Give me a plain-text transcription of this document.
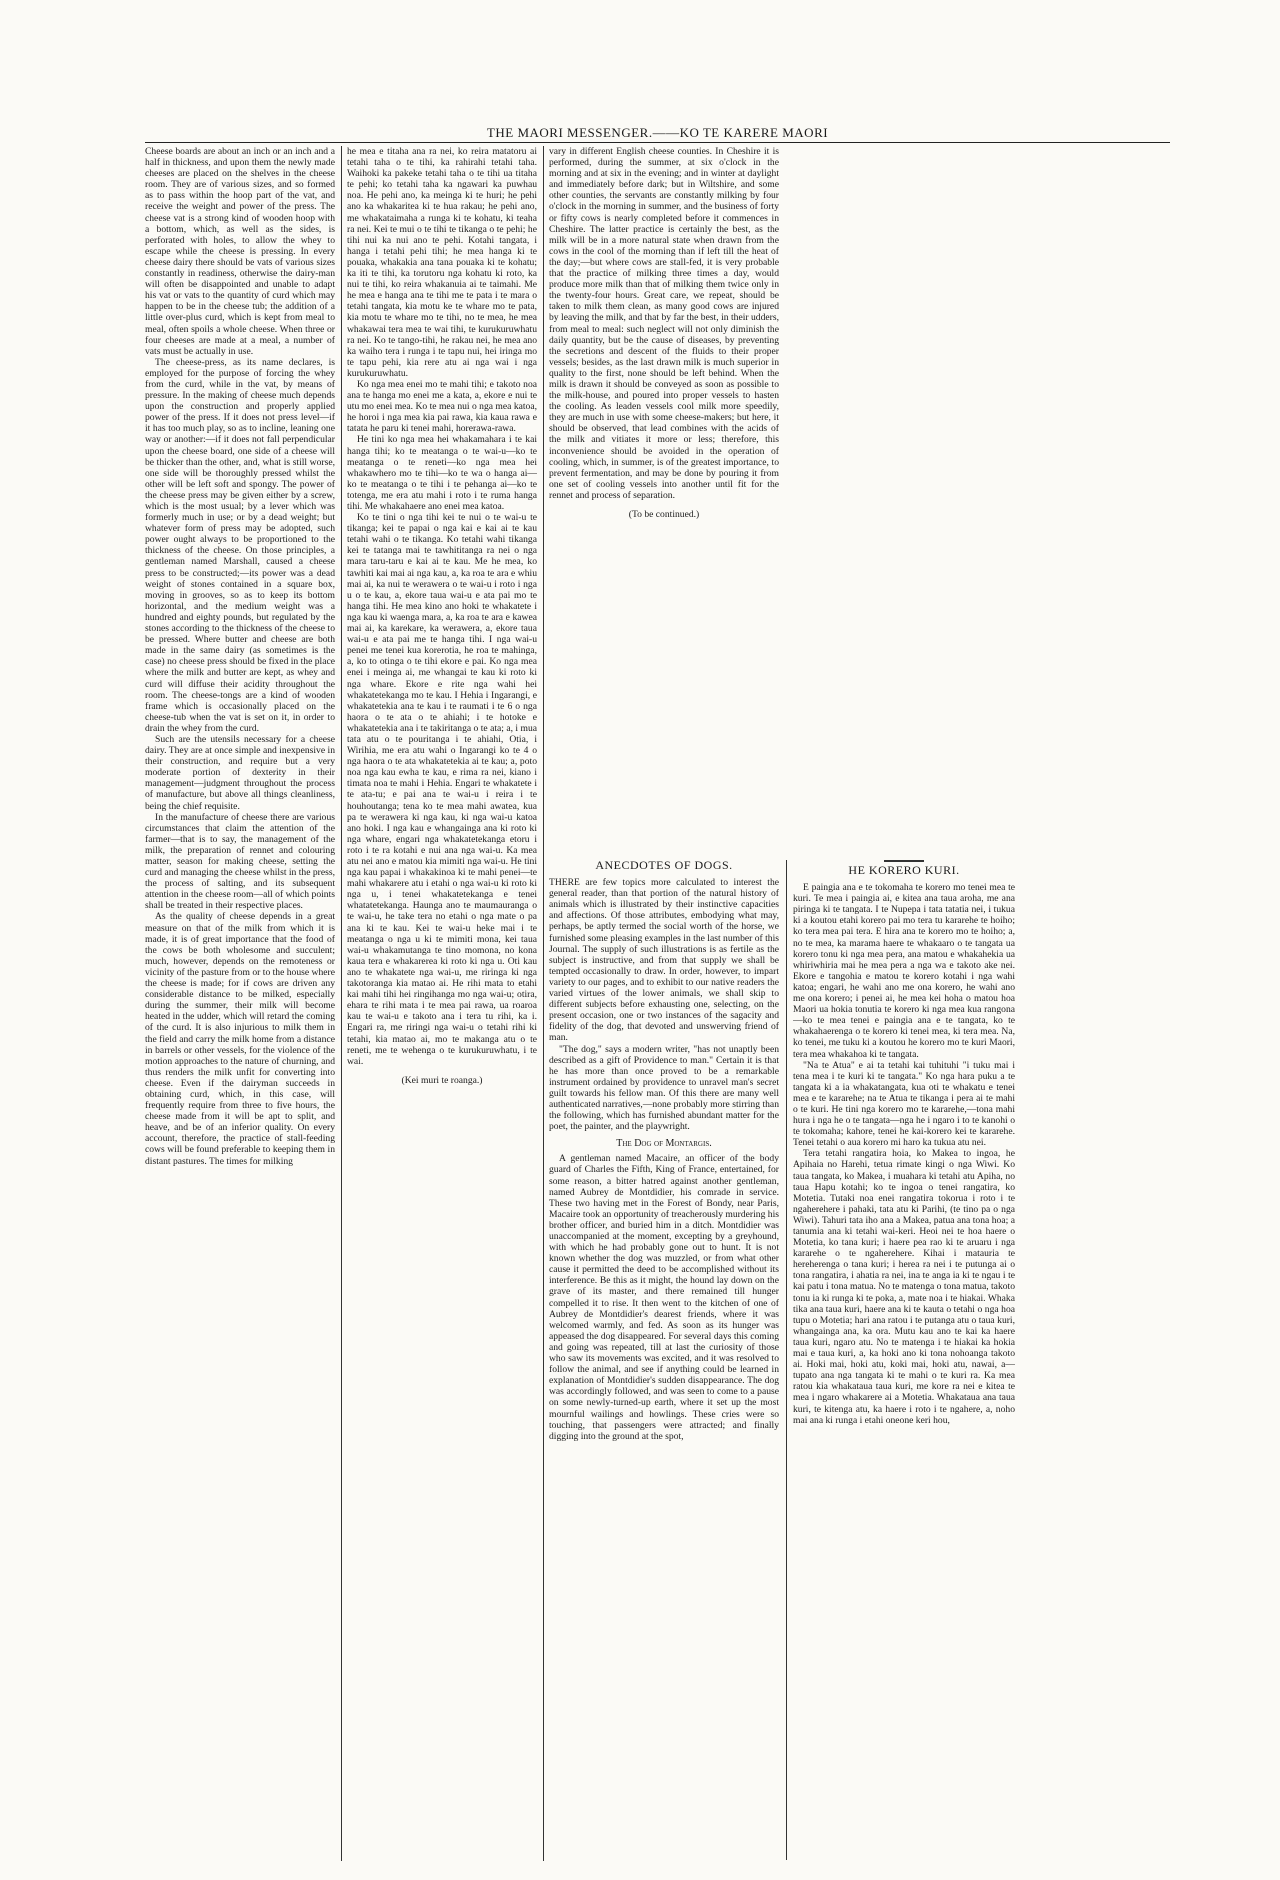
THE MAORI MESSENGER.——KO TE KARERE MAORI

Cheese boards are about an inch or an inch and a half in thickness, and upon them the newly made cheeses are placed on the shelves in the cheese room. They are of various sizes, and so formed as to pass within the hoop part of the vat, and receive the weight and power of the press. The cheese vat is a strong kind of wooden hoop with a bottom, which, as well as the sides, is perforated with holes, to allow the whey to escape while the cheese is pressing. In every cheese dairy there should be vats of various sizes constantly in readiness, otherwise the dairy-man will often be disappointed and unable to adapt his vat or vats to the quantity of curd which may happen to be in the cheese tub; the addition of a little over-plus curd, which is kept from meal to meal, often spoils a whole cheese. When three or four cheeses are made at a meal, a number of vats must be actually in use.

The cheese-press, as its name declares, is employed for the purpose of forcing the whey from the curd, while in the vat, by means of pressure. In the making of cheese much depends upon the construction and properly applied power of the press. If it does not press level—if it has too much play, so as to incline, leaning one way or another:—if it does not fall perpendicular upon the cheese board, one side of a cheese will be thicker than the other, and, what is still worse, one side will be thoroughly pressed whilst the other will be left soft and spongy. The power of the cheese press may be given either by a screw, which is the most usual; by a lever which was formerly much in use; or by a dead weight; but whatever form of press may be adopted, such power ought always to be proportioned to the thickness of the cheese. On those principles, a gentleman named Marshall, caused a cheese press to be constructed;—its power was a dead weight of stones contained in a square box, moving in grooves, so as to keep its bottom horizontal, and the medium weight was a hundred and eighty pounds, but regulated by the stones according to the thickness of the cheese to be pressed. Where butter and cheese are both made in the same dairy (as sometimes is the case) no cheese press should be fixed in the place where the milk and butter are kept, as whey and curd will diffuse their acidity throughout the room. The cheese-tongs are a kind of wooden frame which is occasionally placed on the cheese-tub when the vat is set on it, in order to drain the whey from the curd.

Such are the utensils necessary for a cheese dairy. They are at once simple and inexpensive in their construction, and require but a very moderate portion of dexterity in their management—judgment throughout the process of manufacture, but above all things cleanliness, being the chief requisite.

In the manufacture of cheese there are various circumstances that claim the attention of the farmer—that is to say, the management of the milk, the preparation of rennet and colouring matter, season for making cheese, setting the curd and managing the cheese whilst in the press, the process of salting, and its subsequent attention in the cheese room—all of which points shall be treated in their respective places.

As the quality of cheese depends in a great measure on that of the milk from which it is made, it is of great importance that the food of the cows be both wholesome and succulent; much, however, depends on the remoteness or vicinity of the pasture from or to the house where the cheese is made; for if cows are driven any considerable distance to be milked, especially during the summer, their milk will become heated in the udder, which will retard the coming of the curd. It is also injurious to milk them in the field and carry the milk home from a distance in barrels or other vessels, for the violence of the motion approaches to the nature of churning, and thus renders the milk unfit for converting into cheese. Even if the dairyman succeeds in obtaining curd, which, in this case, will frequently require from three to five hours, the cheese made from it will be apt to split, and heave, and be of an inferior quality. On every account, therefore, the practice of stall-feeding cows will be found preferable to keeping them in distant pastures. The times for milking

he mea e titaha ana ra nei, ko reira matatoru ai tetahi taha o te tihi, ka rahirahi tetahi taha. Waihoki ka pakeke tetahi taha o te tihi ua titaha te pehi; ko tetahi taha ka ngawari ka puwhau noa. He pehi ano, ka meinga ki te huri; he pehi ano ka whakaritea ki te hua rakau; he pehi ano, me whakataimaha a runga ki te kohatu, ki teaha ra nei. Kei te mui o te tihi te tikanga o te pehi; he tihi nui ka nui ano te pehi. Kotahi tangata, i hanga i tetahi pehi tihi; he mea hanga ki te pouaka, whakakia ana tana pouaka ki te kohatu; ka iti te tihi, ka torutoru nga kohatu ki roto, ka nui te tihi, ko reira whakanuia ai te taimahi. Me he mea e hanga ana te tihi me te pata i te mara o tetahi tangata, kia motu ke te whare mo te pata, kia motu te whare mo te tihi, no te mea, he mea whakawai tera mea te wai tihi, te kurukuruwhatu ra nei. Ko te tango-tihi, he rakau nei, he mea ano ka waiho tera i runga i te tapu nui, hei iringa mo te tapu pehi, kia rere atu ai nga wai i nga kurukuruwhatu.

Ko nga mea enei mo te mahi tihi; e takoto noa ana te hanga mo enei me a kata, a, ekore e nui te utu mo enei mea. Ko te mea nui o nga mea katoa, he horoi i nga mea kia pai rawa, kia kaua rawa e tatata he paru ki tenei mahi, horerawa-rawa.

He tini ko nga mea hei whakamahara i te kai hanga tihi; ko te meatanga o te wai-u—ko te meatanga o te reneti—ko nga mea hei whakawhero mo te tihi—ko te wa o hanga ai—ko te meatanga o te tihi i te pehanga ai—ko te totenga, me era atu mahi i roto i te ruma hanga tihi. Me whakahaere ano enei mea katoa.

Ko te tini o nga tihi kei te nui o te wai-u te tikanga; kei te papai o nga kai e kai ai te kau tetahi wahi o te tikanga. Ko tetahi wahi tikanga kei te tatanga mai te tawhititanga ra nei o nga mara taru-taru e kai ai te kau. Me he mea, ko tawhiti kai mai ai nga kau, a, ka roa te ara e whiu mai ai, ka nui te werawera o te wai-u i roto i nga u o te kau, a, ekore taua wai-u e ata pai mo te hanga tihi. He mea kino ano hoki te whakatete i nga kau ki waenga mara, a, ka roa te ara e kawea mai ai, ka karekare, ka werawera, a, ekore taua wai-u e ata pai me te hanga tihi. I nga wai-u penei me tenei kua korerotia, he roa te mahinga, a, ko to otinga o te tihi ekore e pai. Ko nga mea enei i meinga ai, me whangai te kau ki roto ki nga whare. Ekore e rite nga wahi hei whakatetekanga mo te kau. I Hehia i Ingarangi, e whakatetekia ana te kau i te raumati i te 6 o nga haora o te ata o te ahiahi; i te hotoke e whakatetekia ana i te takiritanga o te ata; a, i mua tata atu o te pouritanga i te ahiahi, Otia, i Wirihia, me era atu wahi o Ingarangi ko te 4 o nga haora o te ata whakatetekia ai te kau; a, poto noa nga kau ewha te kau, e rima ra nei, kiano i timata noa te mahi i Hehia. Engari te whakatete i te ata-tu; e pai ana te wai-u i reira i te houhoutanga; tena ko te mea mahi awatea, kua pa te werawera ki nga kau, ki nga wai-u katoa ano hoki. I nga kau e whangainga ana ki roto ki nga whare, engari nga whakatetekanga etoru i roto i te ra kotahi e nui ana nga wai-u. Ka mea atu nei ano e matou kia mimiti nga wai-u. He tini nga kau papai i whakakinoa ki te mahi penei—te mahi whakarere atu i etahi o nga wai-u ki roto ki nga u, i tenei whakatetekanga e tenei whatatetekanga. Haunga ano te maumauranga o te wai-u, he take tera no etahi o nga mate o pa ana ki te kau. Kei te wai-u heke mai i te meatanga o nga u ki te mimiti mona, kei taua wai-u whakamutanga te tino momona, no kona kaua tera e whakarerea ki roto ki nga u. Oti kau ano te whakatete nga wai-u, me riringa ki nga takotoranga kia matao ai. He rihi mata to etahi kai mahi tihi hei ringihanga mo nga wai-u; otira, ehara te rihi mata i te mea pai rawa, ua roaroa kau te wai-u e takoto ana i tera tu rihi, ka i. Engari ra, me riringi nga wai-u o tetahi rihi ki tetahi, kia matao ai, mo te makanga atu o te reneti, me te wehenga o te kurukuruwhatu, i te wai.

(Kei muri te roanga.)

vary in different English cheese counties. In Cheshire it is performed, during the summer, at six o'clock in the morning and at six in the evening; and in winter at daylight and immediately before dark; but in Wiltshire, and some other counties, the servants are constantly milking by four o'clock in the morning in summer, and the business of forty or fifty cows is nearly completed before it commences in Cheshire. The latter practice is certainly the best, as the milk will be in a more natural state when drawn from the cows in the cool of the morning than if left till the heat of the day;—but where cows are stall-fed, it is very probable that the practice of milking three times a day, would produce more milk than that of milking them twice only in the twenty-four hours. Great care, we repeat, should be taken to milk them clean, as many good cows are injured by leaving the milk, and that by far the best, in their udders, from meal to meal: such neglect will not only diminish the daily quantity, but be the cause of diseases, by preventing the secretions and descent of the fluids to their proper vessels; besides, as the last drawn milk is much superior in quality to the first, none should be left behind. When the milk is drawn it should be conveyed as soon as possible to the milk-house, and poured into proper vessels to hasten the cooling. As leaden vessels cool milk more speedily, they are much in use with some cheese-makers; but here, it should be observed, that lead combines with the acids of the milk and vitiates it more or less; therefore, this inconvenience should be avoided in the operation of cooling, which, in summer, is of the greatest importance, to prevent fermentation, and may be done by pouring it from one set of cooling vessels into another until fit for the rennet and process of separation.

(To be continued.)

ANECDOTES OF DOGS.

THERE are few topics more calculated to interest the general reader, than that portion of the natural history of animals which is illustrated by their instinctive capacities and affections. Of those attributes, embodying what may, perhaps, be aptly termed the social worth of the horse, we furnished some pleasing examples in the last number of this Journal. The supply of such illustrations is as fertile as the subject is instructive, and from that supply we shall be tempted occasionally to draw. In order, however, to impart variety to our pages, and to exhibit to our native readers the varied virtues of the lower animals, we shall skip to different subjects before exhausting one, selecting, on the present occasion, one or two instances of the sagacity and fidelity of the dog, that devoted and unswerving friend of man.

"The dog," says a modern writer, "has not unaptly been described as a gift of Providence to man." Certain it is that he has more than once proved to be a remarkable instrument ordained by providence to unravel man's secret guilt towards his fellow man. Of this there are many well authenticated narratives,—none probably more stirring than the following, which has furnished abundant matter for the poet, the painter, and the playwright.

The Dog of Montargis.

A gentleman named Macaire, an officer of the body guard of Charles the Fifth, King of France, entertained, for some reason, a bitter hatred against another gentleman, named Aubrey de Montdidier, his comrade in service. These two having met in the Forest of Bondy, near Paris, Macaire took an opportunity of treacherously murdering his brother officer, and buried him in a ditch. Montdidier was unaccompanied at the moment, excepting by a greyhound, with which he had probably gone out to hunt. It is not known whether the dog was muzzled, or from what other cause it permitted the deed to be accomplished without its interference. Be this as it might, the hound lay down on the grave of its master, and there remained till hunger compelled it to rise. It then went to the kitchen of one of Aubrey de Montdidier's dearest friends, where it was welcomed warmly, and fed. As soon as its hunger was appeased the dog disappeared. For several days this coming and going was repeated, till at last the curiosity of those who saw its movements was excited, and it was resolved to follow the animal, and see if anything could be learned in explanation of Montdidier's sudden disappearance. The dog was accordingly followed, and was seen to come to a pause on some newly-turned-up earth, where it set up the most mournful wailings and howlings. These cries were so touching, that passengers were attracted; and finally digging into the ground at the spot,

HE KORERO KURI.

E paingia ana e te tokomaha te korero mo tenei mea te kuri. Te mea i paingia ai, e kitea ana taua aroha, me ana piringa ki te tangata. I te Nupepa i tata tatatia nei, i tukua ki a koutou etahi korero pai mo tera tu kararehe te hoiho; ko tera mea pai tera. E hira ana te korero mo te hoiho; a, no te mea, ka marama haere te whakaaro o te tangata ua korero tonu ki nga mea pera, ana matou e whakahekia ua whiriwhiria mai he mea pera a nga wa e takoto ake nei. Ekore e tangohia e matou te korero kotahi i nga wahi katoa; engari, he wahi ano me ona korero, he wahi ano me ona korero; i penei ai, he mea kei hoha o matou hoa Maori ua hokia tonutia te korero ki nga mea kua rangona—ko te mea tenei e paingia ana e te tangata, ko te whakahaerenga o te korero ki tenei mea, ki tera mea. Na, ko tenei, me tuku ki a koutou he korero mo te kuri Maori, tera mea whakahoa ki te tangata.

"Na te Atua" e ai ta tetahi kai tuhituhi "i tuku mai i tena mea i te kuri ki te tangata." Ko nga hara puku a te tangata ki a ia whakatangata, kua oti te whakatu e tenei mea e te kararehe; na te Atua te tikanga i pera ai te mahi o te kuri. He tini nga korero mo te kararehe,—tona mahi hura i nga he o te tangata—nga he i ngaro i to te kanohi o te tokomaha; kahore, tenei he kai-korero kei te kararehe. Tenei tetahi o aua korero mi haro ka tukua atu nei.

Tera tetahi rangatira hoia, ko Makea to ingoa, he Apihaia no Harehi, tetua rimate kingi o nga Wiwi. Ko taua tangata, ko Makea, i muahara ki tetahi atu Apiha, no taua Hapu kotahi; ko te ingoa o tenei rangatira, ko Motetia. Tutaki noa enei rangatira tokorua i roto i te ngaherehere i pahaki, tata atu ki Parihi, (te tino pa o nga Wiwi). Tahuri tata iho ana a Makea, patua ana tona hoa; a tanumia ana ki tetahi wai-keri. Heoi nei te hoa haere o Motetia, ko tana kuri; i haere pea rao ki te aruaru i nga kararehe o te ngaherehere. Kihai i matauria te hereherenga o tana kuri; i herea ra nei i te putunga ai o tona rangatira, i ahatia ra nei, ina te anga ia ki te ngau i te kai patu i tona matua. No te matenga o tona matua, takoto tonu ia ki runga ki te poka, a, mate noa i te hiakai. Whaka tika ana taua kuri, haere ana ki te kauta o tetahi o nga hoa tupu o Motetia; hari ana ratou i te putanga atu o taua kuri, whangainga ana, ka ora. Mutu kau ano te kai ka haere taua kuri, ngaro atu. No te matenga i te hiakai ka hokia mai e taua kuri, a, ka hoki ano ki tona nohoanga takoto ai. Hoki mai, hoki atu, koki mai, hoki atu, nawai, a—tupato ana nga tangata ki te mahi o te kuri ra. Ka mea ratou kia whakataua taua kuri, me kore ra nei e kitea te mea i ngaro whakarere ai a Motetia. Whakataua ana taua kuri, te kitenga atu, ka haere i roto i te ngahere, a, noho mai ana ki runga i etahi oneone keri hou,
